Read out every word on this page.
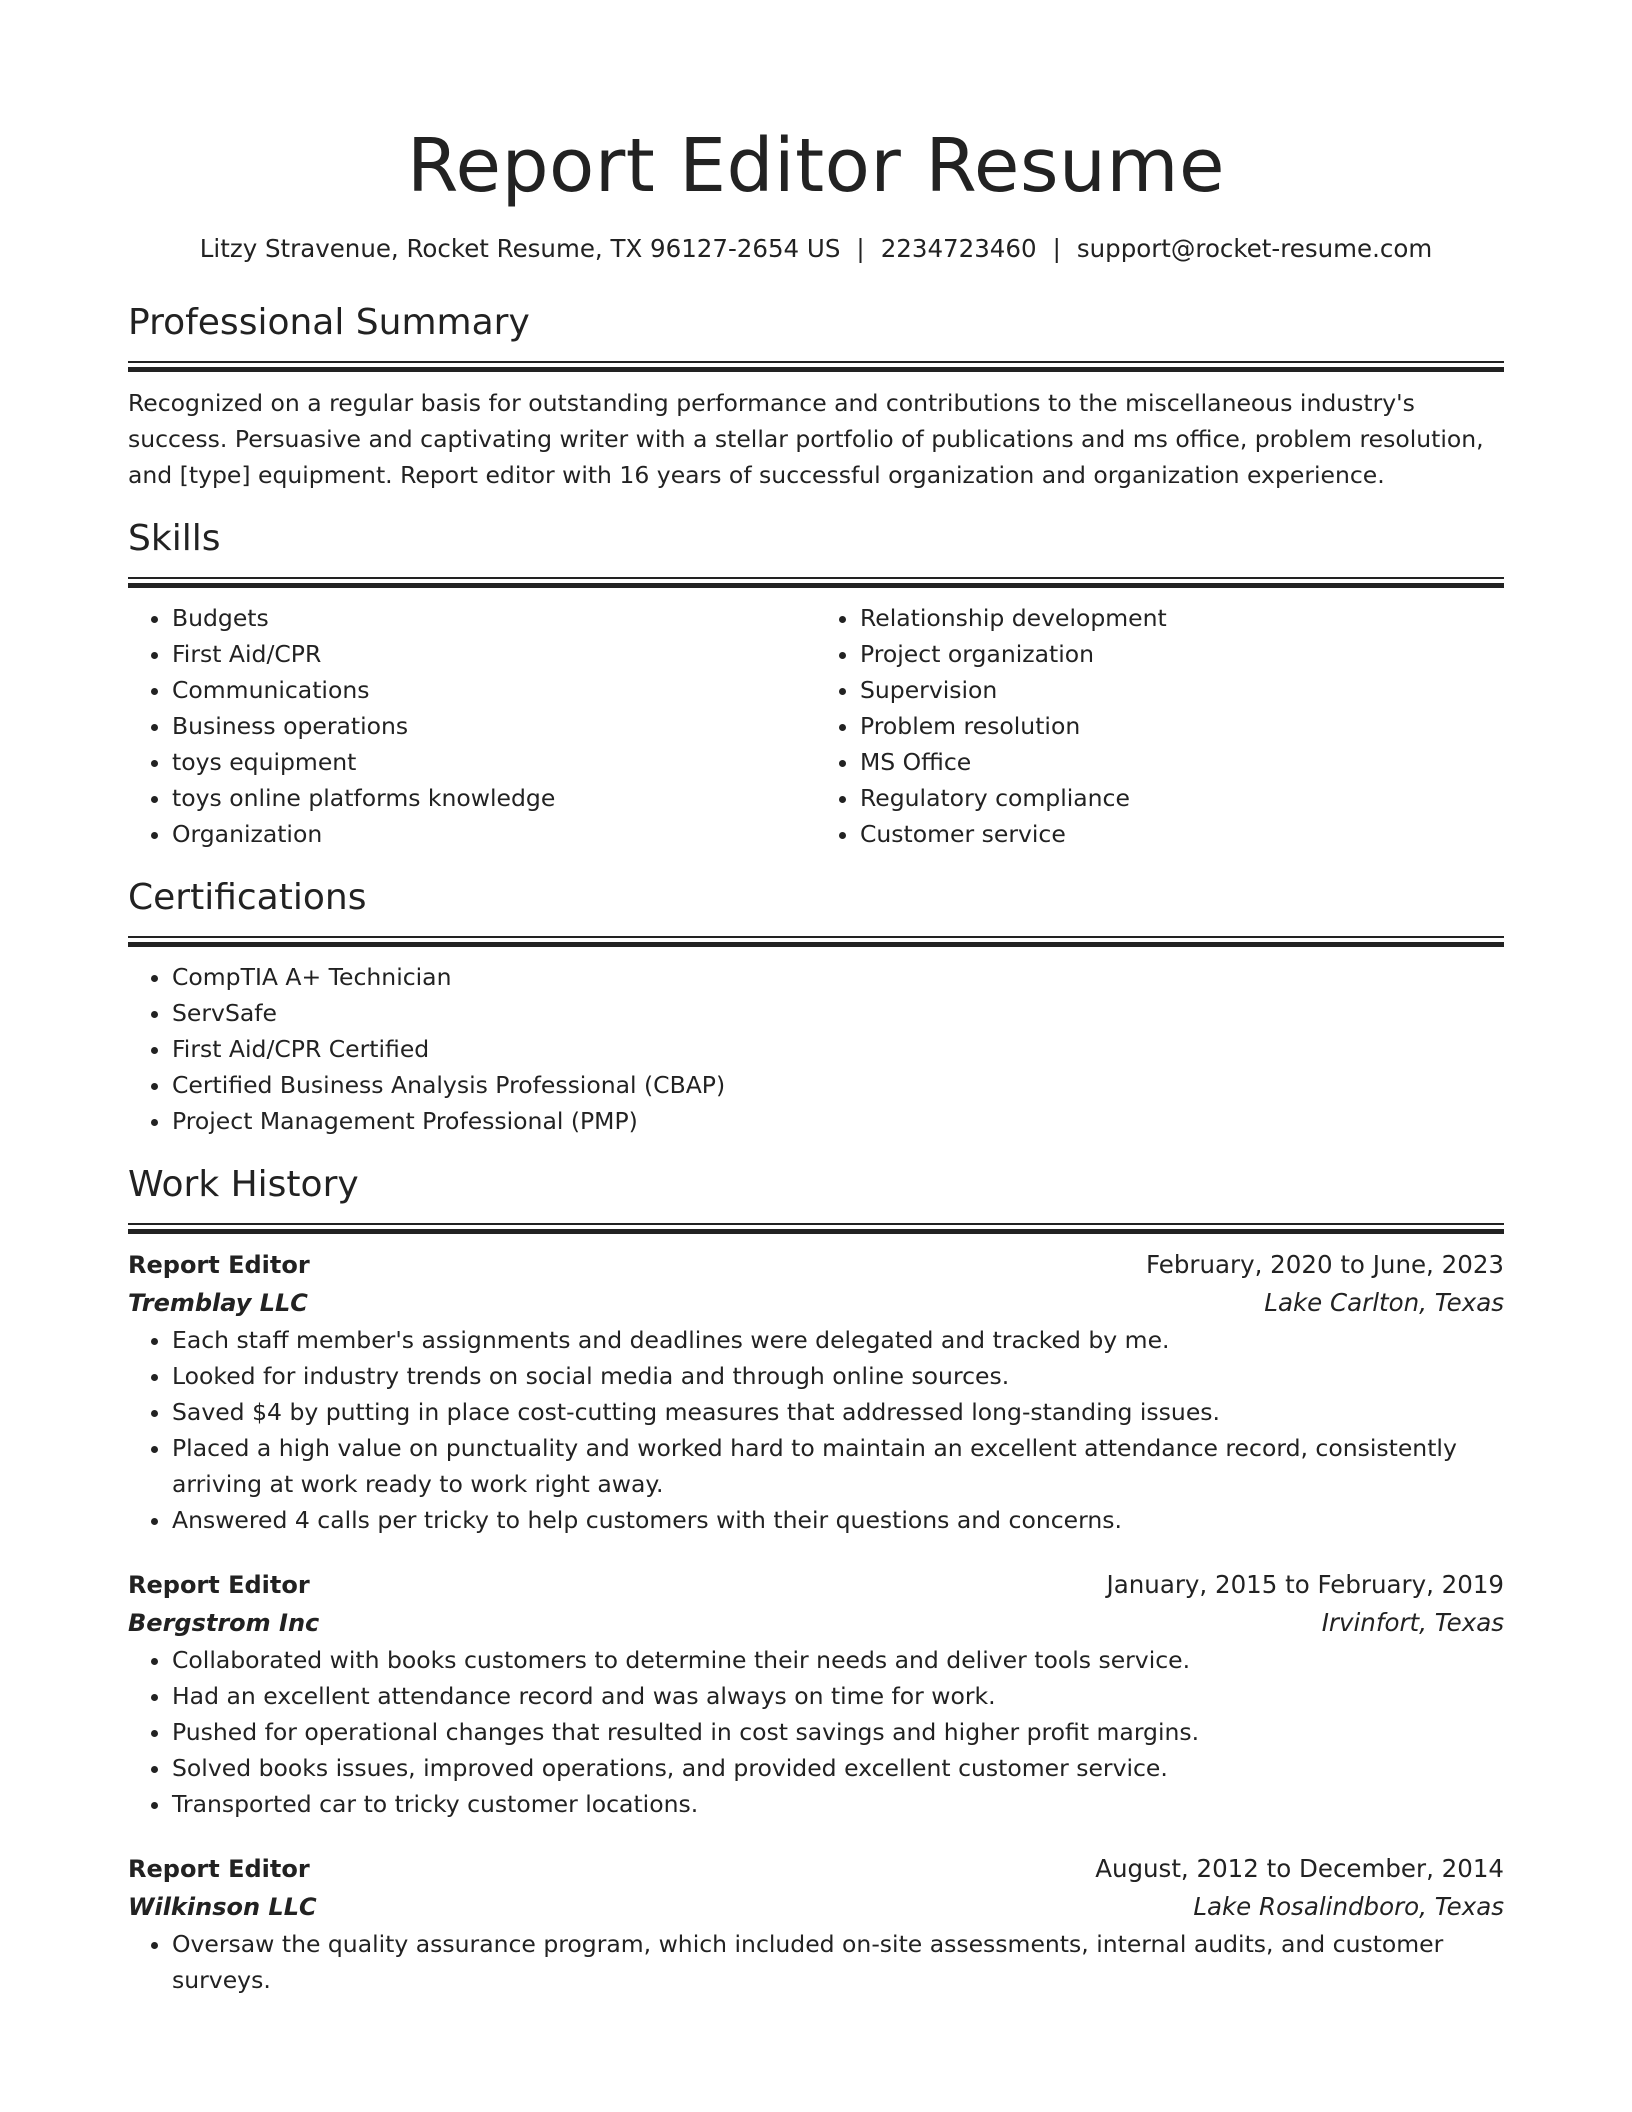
Report Editor Resume
Litzy Stravenue, Rocket Resume, TX 96127-2654 US | 2234723460 | support@rocket-resume.com
Professional Summary
Recognized on a regular basis for outstanding performance and contributions to the miscellaneous industry's success. Persuasive and captivating writer with a stellar portfolio of publications and ms office, problem resolution, and [type] equipment. Report editor with 16 years of successful organization and organization experience.
Skills
• Budgets
• First Aid/CPR
• Communications
• Business operations
• toys equipment
• toys online platforms knowledge
• Organization
• Relationship development
• Project organization
• Supervision
• Problem resolution
• MS Office
• Regulatory compliance
• Customer service
Certifications
• CompTIA A+ Technician
• ServSafe
• First Aid/CPR Certified
• Certified Business Analysis Professional (CBAP)
• Project Management Professional (PMP)
Work History
Report Editor	February, 2020 to June, 2023
Tremblay LLC	Lake Carlton, Texas
• Each staff member's assignments and deadlines were delegated and tracked by me.
• Looked for industry trends on social media and through online sources.
• Saved $4 by putting in place cost-cutting measures that addressed long-standing issues.
• Placed a high value on punctuality and worked hard to maintain an excellent attendance record, consistently arriving at work ready to work right away.
• Answered 4 calls per tricky to help customers with their questions and concerns.
Report Editor	January, 2015 to February, 2019
Bergstrom Inc	Irvinfort, Texas
• Collaborated with books customers to determine their needs and deliver tools service.
• Had an excellent attendance record and was always on time for work.
• Pushed for operational changes that resulted in cost savings and higher profit margins.
• Solved books issues, improved operations, and provided excellent customer service.
• Transported car to tricky customer locations.
Report Editor	August, 2012 to December, 2014
Wilkinson LLC	Lake Rosalindboro, Texas
• Oversaw the quality assurance program, which included on-site assessments, internal audits, and customer surveys.
